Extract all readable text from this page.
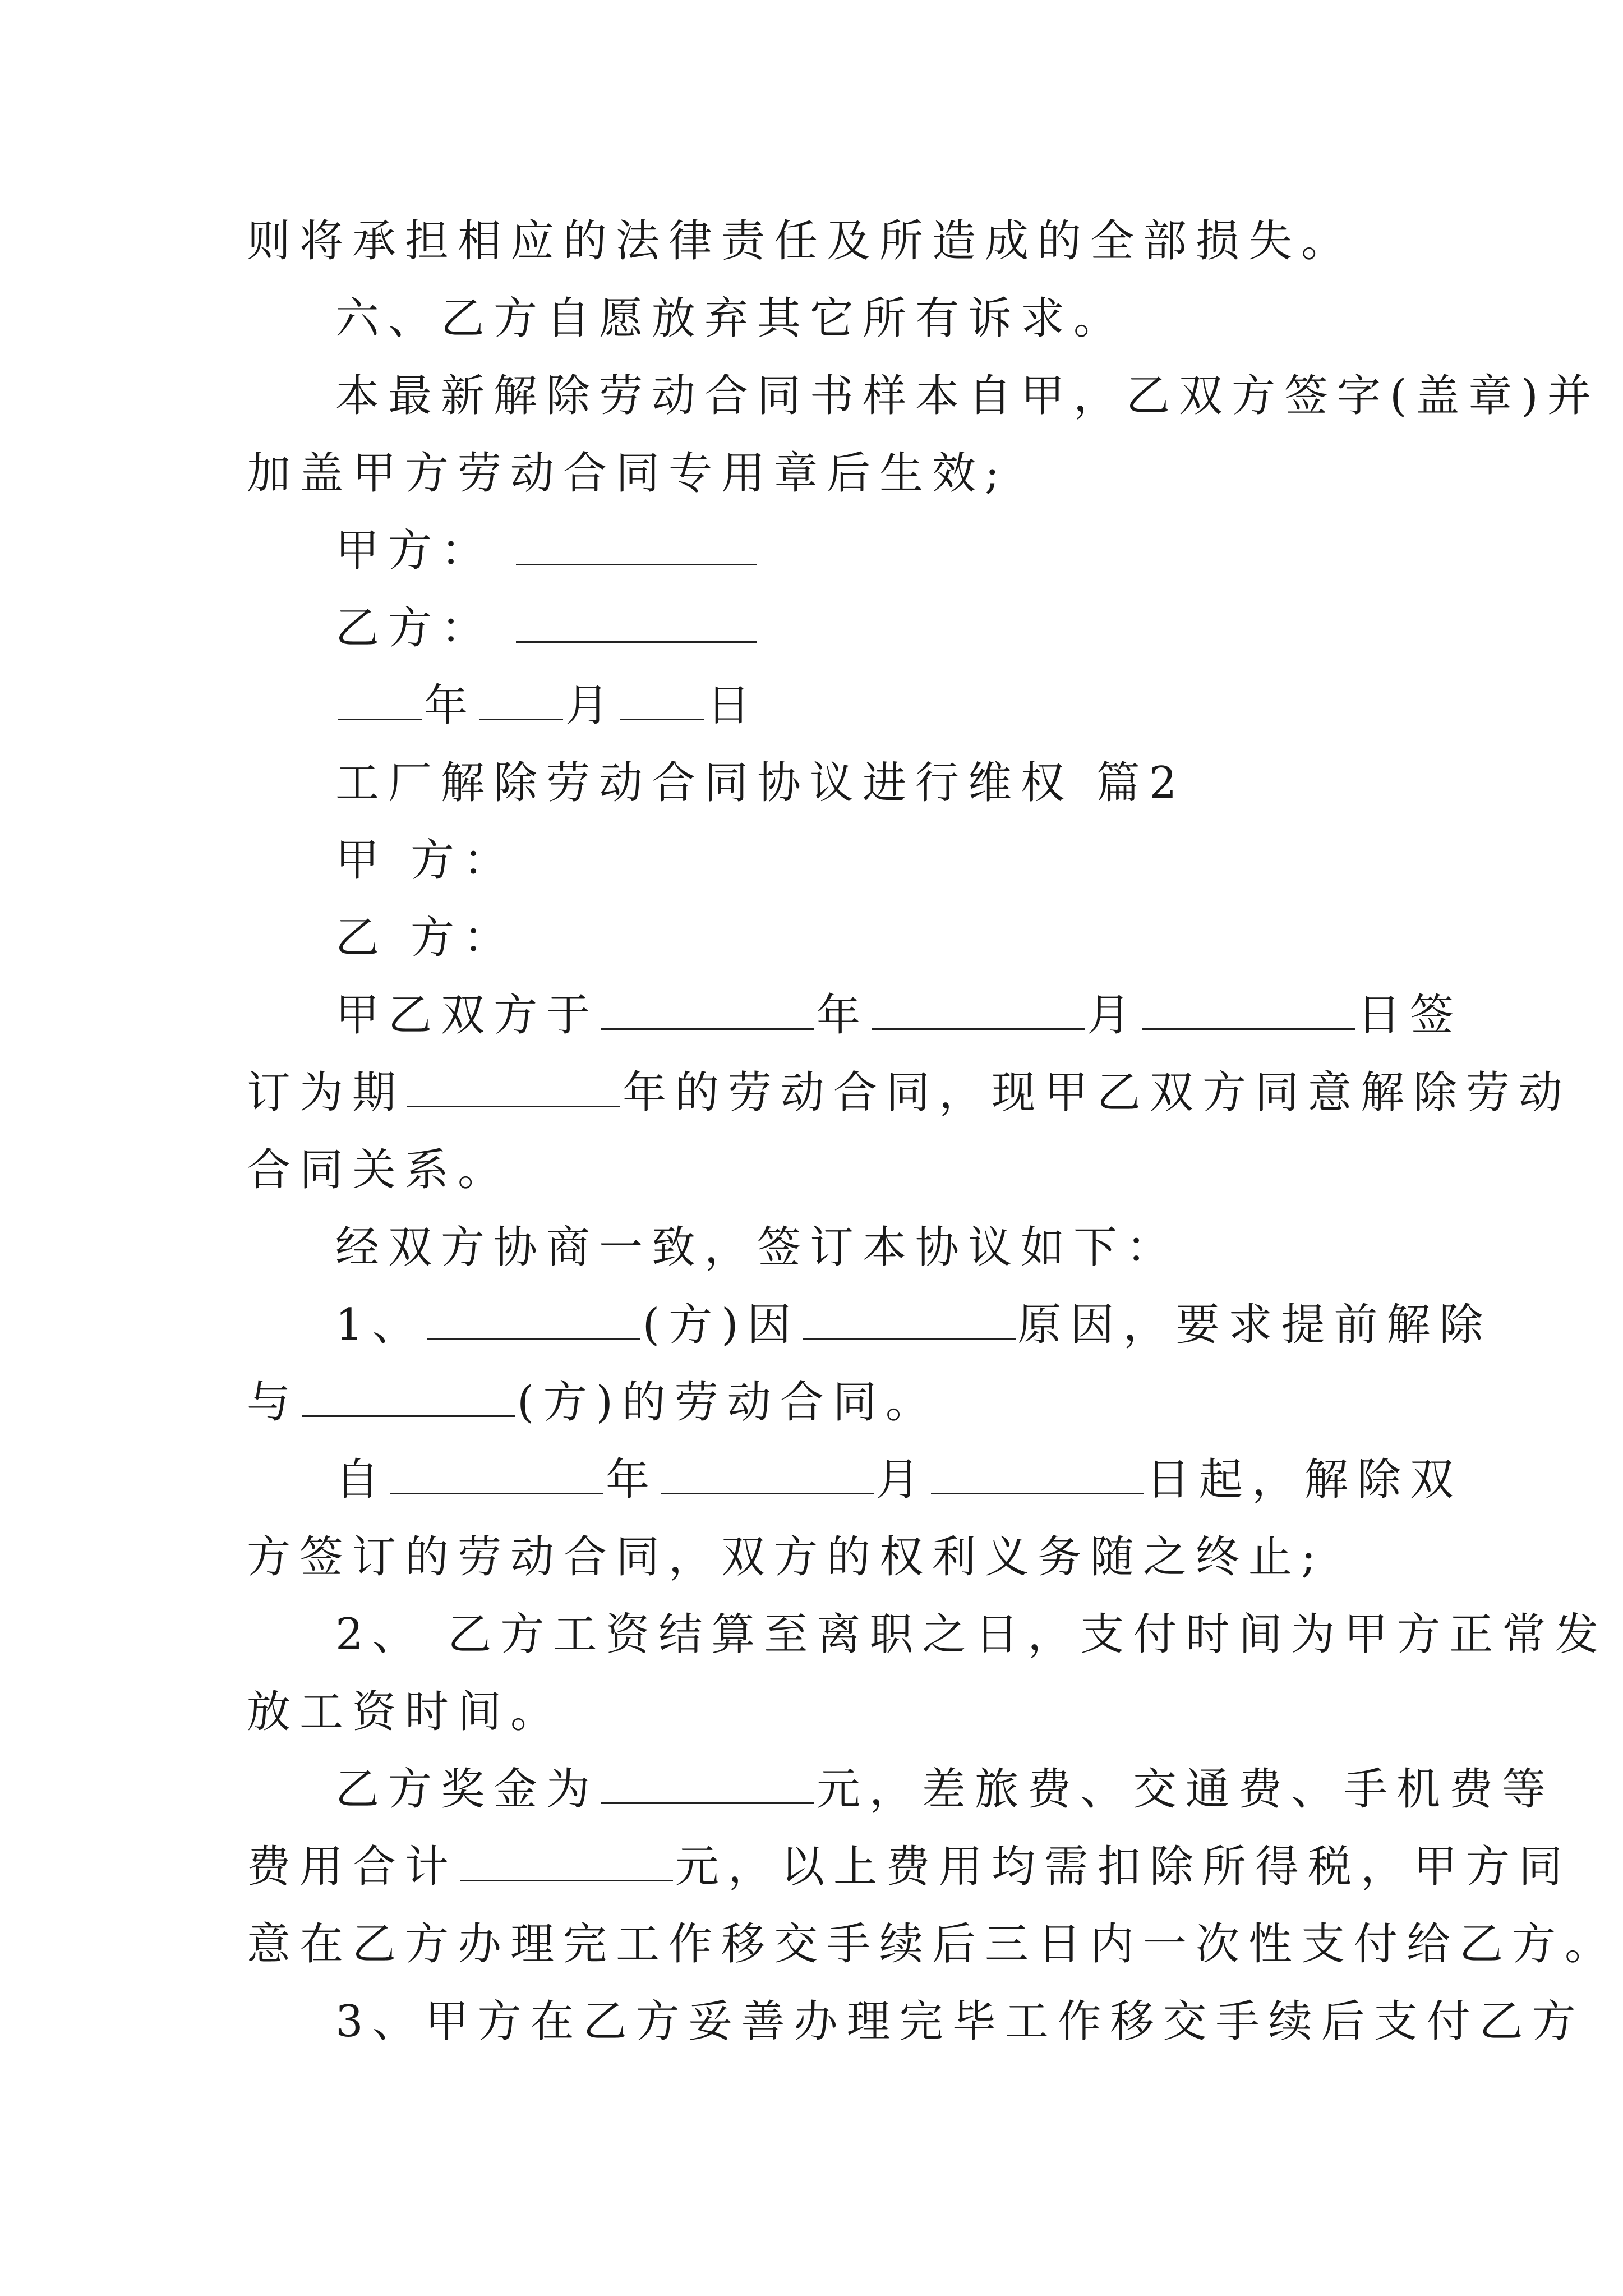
则将承担相应的法律责任及所造成的全部损失。
六、乙方自愿放弃其它所有诉求。
本最新解除劳动合同书样本自甲，乙双方签字(盖章)并
加盖甲方劳动合同专用章后生效;
甲方：
乙方：
年 月 日
工厂解除劳动合同协议进行维权 篇2
甲 方：
乙 方：
甲乙双方于	年	月	日签
订为期	年的劳动合同，现甲乙双方同意解除劳动
合同关系。
经双方协商一致，签订本协议如下：
1、	(方)因	原因，要求提前解除
与	(方)的劳动合同。
自	年	月	日起，解除双
方签订的劳动合同，双方的权利义务随之终止;
2、 乙方工资结算至离职之日，支付时间为甲方正常发
放工资时间。
乙方奖金为	元，差旅费、交通费、手机费等
费用合计	元，以上费用均需扣除所得税，甲方同
意在乙方办理完工作移交手续后三日内一次性支付给乙方。
3、甲方在乙方妥善办理完毕工作移交手续后支付乙方
